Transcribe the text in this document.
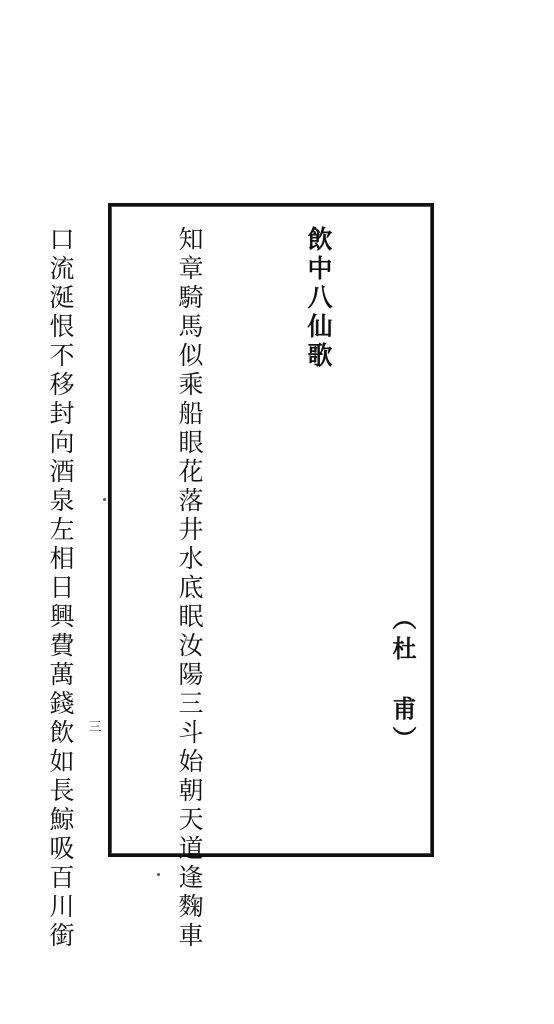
飲中八仙歌

知章騎馬似乘船眼花落井水底眠汝陽三斗始朝天道逢麴車

口流涎恨不移封向酒泉左相日興費萬錢飲如長鯨吸百川銜

	（杜　甫）
三
